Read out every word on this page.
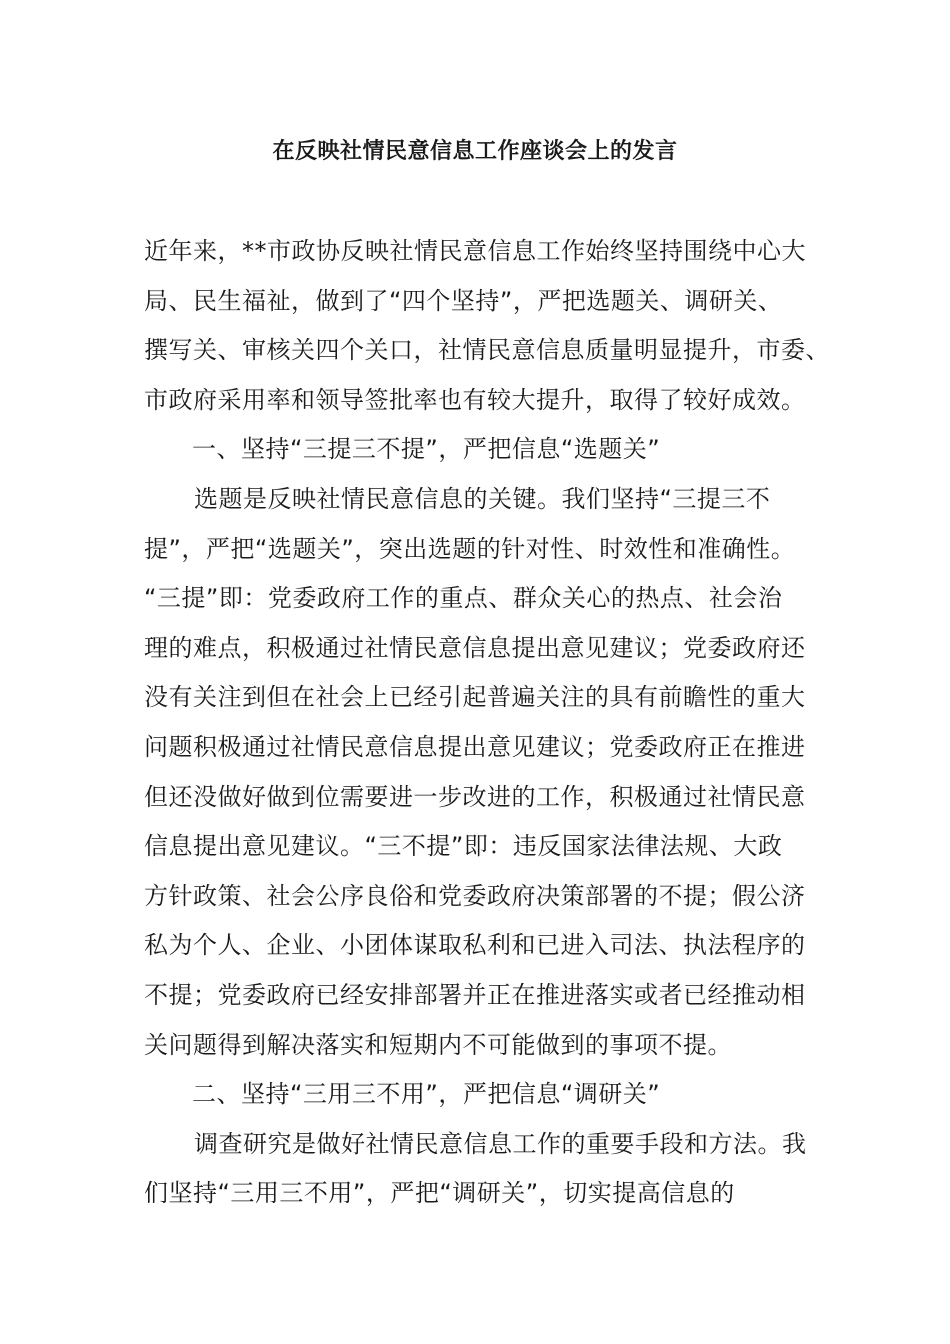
在反映社情民意信息工作座谈会上的发言
近年来，**市政协反映社情民意信息工作始终坚持围绕中心大
局、民生福祉，做到了“四个坚持”，严把选题关、调研关、
撰写关、审核关四个关口，社情民意信息质量明显提升，市委、
市政府采用率和领导签批率也有较大提升，取得了较好成效。
一、坚持“三提三不提”，严把信息“选题关”
选题是反映社情民意信息的关键。我们坚持“三提三不
提”，严把“选题关”，突出选题的针对性、时效性和准确性。
“三提”即：党委政府工作的重点、群众关心的热点、社会治
理的难点，积极通过社情民意信息提出意见建议；党委政府还
没有关注到但在社会上已经引起普遍关注的具有前瞻性的重大
问题积极通过社情民意信息提出意见建议；党委政府正在推进
但还没做好做到位需要进一步改进的工作，积极通过社情民意
信息提出意见建议。“三不提”即：违反国家法律法规、大政
方针政策、社会公序良俗和党委政府决策部署的不提；假公济
私为个人、企业、小团体谋取私利和已进入司法、执法程序的
不提；党委政府已经安排部署并正在推进落实或者已经推动相
关问题得到解决落实和短期内不可能做到的事项不提。
二、坚持“三用三不用”，严把信息“调研关”
调查研究是做好社情民意信息工作的重要手段和方法。我
们坚持“三用三不用”，严把“调研关”，切实提高信息的
